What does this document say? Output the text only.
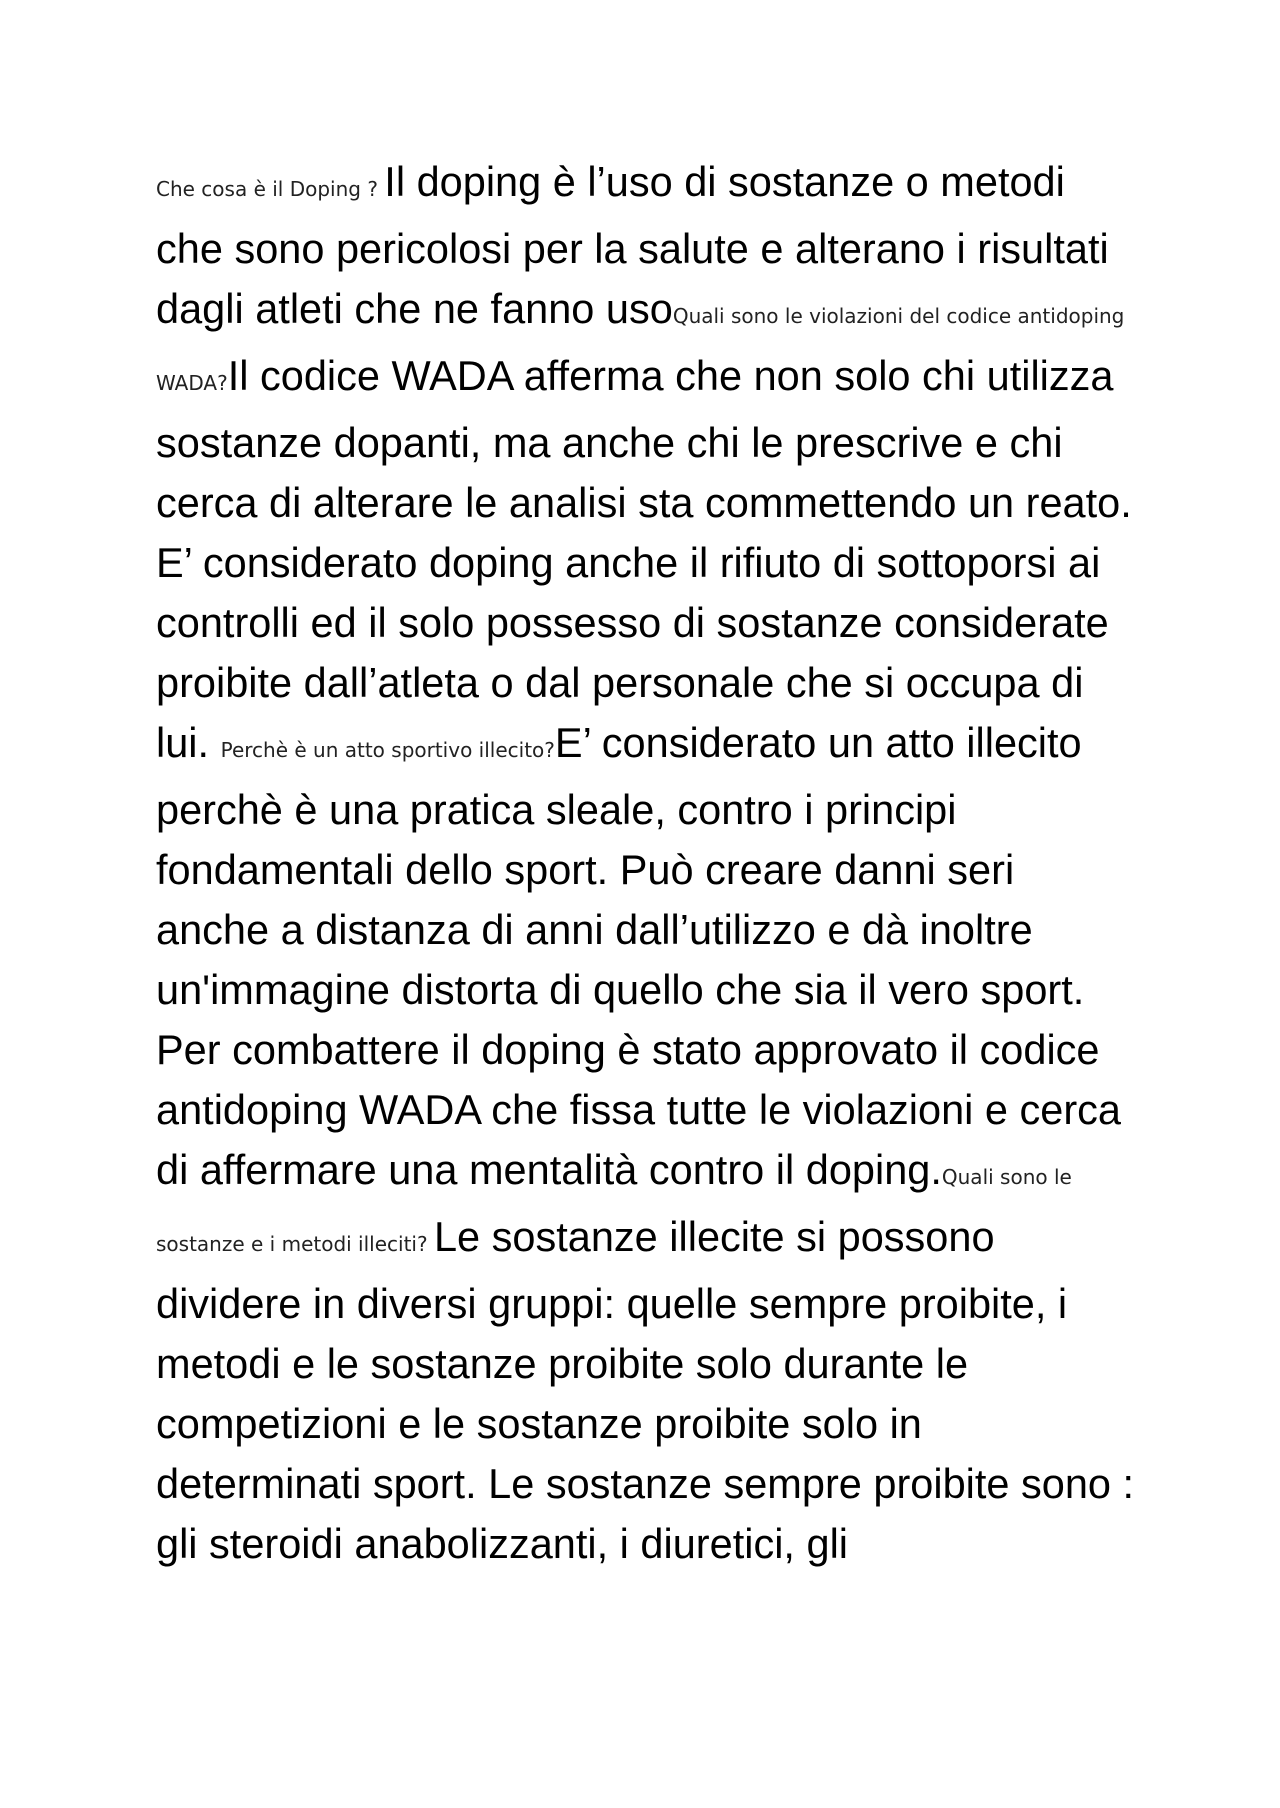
Che cosa è il Doping ? Il doping è l’uso di sostanze o metodi che sono pericolosi per la salute e alterano i risultati dagli atleti che ne fanno usoQuali sono le violazioni del codice antidoping WADA?Il codice WADA afferma che non solo chi utilizza sostanze dopanti, ma anche chi le prescrive e chi cerca di alterare le analisi sta commettendo un reato. E’ considerato doping anche il rifiuto di sottoporsi ai controlli ed il solo possesso di sostanze considerate proibite dall’atleta o dal personale che si occupa di lui. Perchè è un atto sportivo illecito?E’ considerato un atto illecito perchè è una pratica sleale, contro i principi fondamentali dello sport. Può creare danni seri anche a distanza di anni dall’utilizzo e dà inoltre un'immagine distorta di quello che sia il vero sport. Per combattere il doping è stato approvato il codice antidoping WADA che fissa tutte le violazioni e cerca di affermare una mentalità contro il doping.Quali sono le sostanze e i metodi illeciti? Le sostanze illecite si possono dividere in diversi gruppi: quelle sempre proibite, i metodi e le sostanze proibite solo durante le competizioni e le sostanze proibite solo in determinati sport. Le sostanze sempre proibite sono : gli steroidi anabolizzanti, i diuretici, gli
